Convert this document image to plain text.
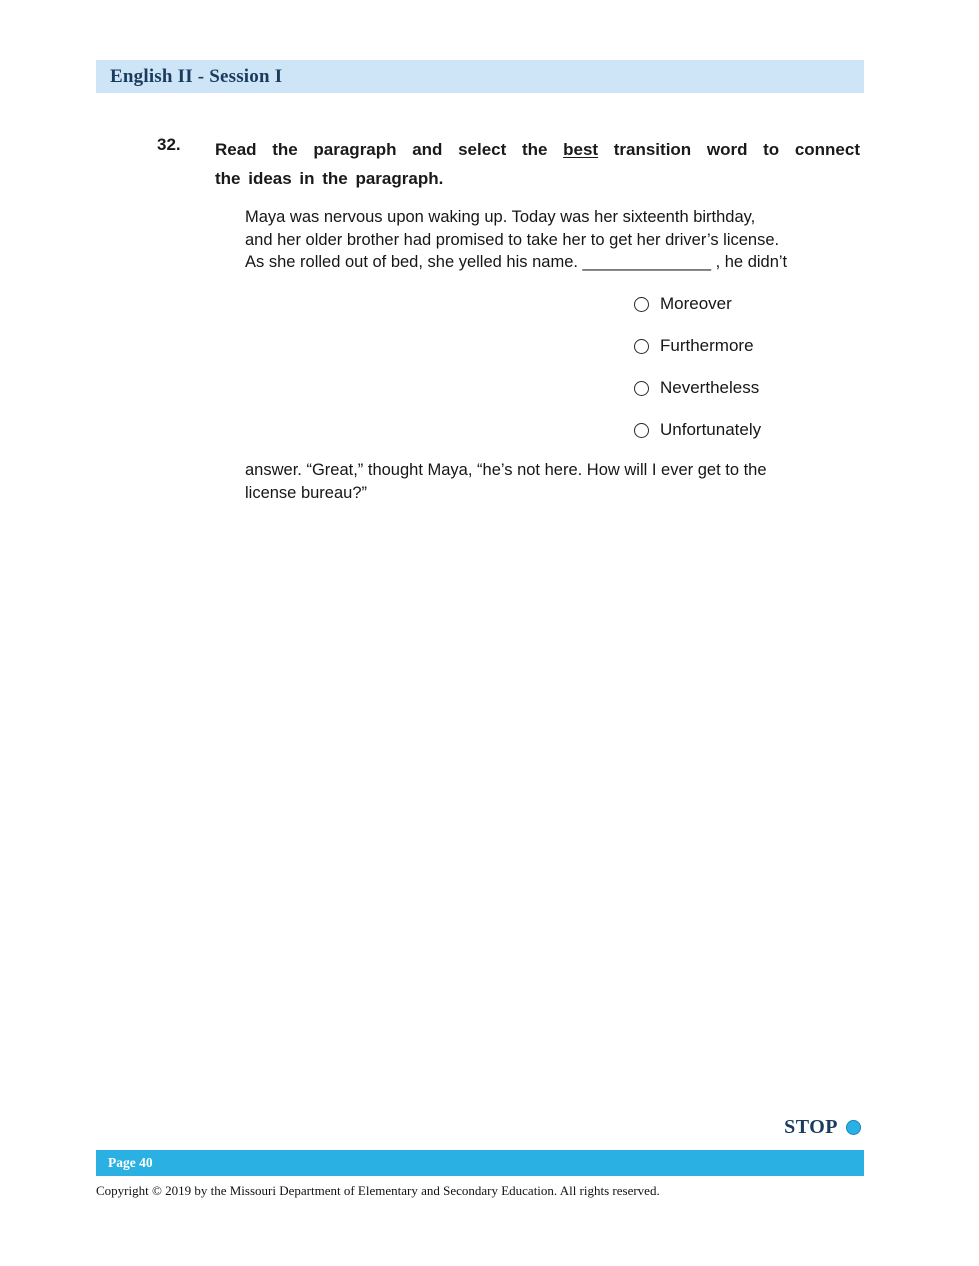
English II - Session I
32. Read the paragraph and select the best transition word to connect
the ideas in the paragraph.
Maya was nervous upon waking up. Today was her sixteenth birthday,
and her older brother had promised to take her to get her driver’s license.
As she rolled out of bed, she yelled his name. ______________ , he didn’t
Moreover
Furthermore
Nevertheless
Unfortunately
answer. “Great,” thought Maya, “he’s not here. How will I ever get to the
license bureau?”
STOP
Page 40
Copyright © 2019 by the Missouri Department of Elementary and Secondary Education. All rights reserved.
